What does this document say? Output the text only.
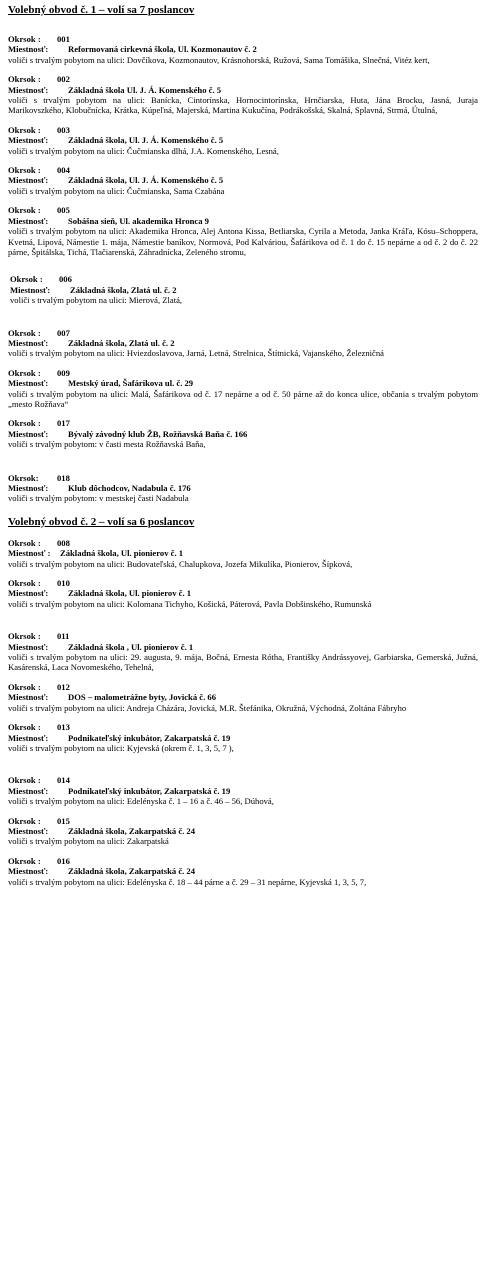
Volebný obvod č. 1 – volí sa 7 poslancov
Okrsok : 001
Miestnosť: Reformovaná cirkevná škola, Ul. Kozmonautov č. 2
voliči s trvalým pobytom na ulici: Dovčíkova, Kozmonautov, Krásnohorská, Ružová, Sama Tomášika, Slnečná, Vitéz kert,
Okrsok : 002
Miestnosť: Základná škola Ul. J. Á. Komenského č. 5
voliči s trvalým pobytom na ulici: Banícka, Cintorínska, Hornocintorínska, Hrnčiarska, Huta, Jána Brocku, Jasná, Juraja Marikovszkého, Klobučnícka, Krátka, Kúpeľná, Majerská, Martina Kukučína, Podrákošská, Skalná, Splavná, Strmá, Útulná,
Okrsok : 003
Miestnosť: Základná škola, Ul. J. Á. Komenského č. 5
voliči s trvalým pobytom na ulici: Čučmianska dlhá, J.A. Komenského, Lesná,
Okrsok : 004
Miestnosť: Základná škola, Ul. J. Á. Komenského č. 5
voliči s trvalým pobytom na ulici: Čučmianska, Sama Czabána
Okrsok : 005
Miestnosť: Sobášna sieň, Ul. akademika Hronca 9
voliči s trvalým pobytom na ulici: Akademika Hronca, Alej Antona Kissa, Betliarska, Cyrila a Metoda, Janka Kráľa, Kósu–Schoppera, Kvetná, Lipová, Námestie 1. mája, Námestie baníkov, Normová, Pod Kalváriou, Šafárikova od č. 1 do č. 15 nepárne a od č. 2 do č. 22 párne, Špitálska, Tichá, Tlačiarenská, Záhradnícka, Zeleného stromu,
Okrsok : 006
Miestnosť: Základná škola, Zlatá ul. č. 2
voliči s trvalým pobytom na ulici: Mierová, Zlatá,
Okrsok : 007
Miestnosť: Základná škola, Zlatá ul. č. 2
voliči s trvalým pobytom na ulici: Hviezdoslavova, Jarná, Letná, Strelnica, Štítnická, Vajanského, Železničná
Okrsok : 009
Miestnosť: Mestský úrad, Šafárikova ul. č. 29
voliči s trvalým pobytom na ulici: Malá, Šafárikova od č. 17 nepárne a od č. 50 párne až do konca ulice, občania s trvalým pobytom „mesto Rožňava“
Okrsok : 017
Miestnosť: Bývalý závodný klub ŽB, Rožňavská Baňa č. 166
voliči s trvalým pobytom: v časti mesta Rožňavská Baňa,
Okrsok: 018
Miestnosť: Klub dôchodcov, Nadabula č. 176
voliči s trvalým pobytom: v mestskej časti Nadabula
Volebný obvod č. 2 – volí sa 6 poslancov
Okrsok : 008
Miestnosť : Základná škola, Ul. pionierov č. 1
voliči s trvalým pobytom na ulici: Budovateľská, Chalupkova, Jozefa Mikulíka, Pionierov, Šípková,
Okrsok : 010
Miestnosť: Základná škola, Ul. pionierov č. 1
voliči s trvalým pobytom na ulici: Kolomana Tichyho, Košická, Páterová, Pavla Dobšinského, Rumunská
Okrsok : 011
Miestnosť: Základná škola , Ul. pionierov č. 1
voliči s trvalým pobytom na ulici: 29. augusta, 9. mája, Bočná, Ernesta Rótha, Františky Andrássyovej, Garbiarska, Gemerská, Južná, Kasárenská, Laca Novomeského, Tehelná,
Okrsok : 012
Miestnosť: DOS – malometrážne byty, Jovická č. 66
voliči s trvalým pobytom na ulici: Andreja Cházára, Jovická, M.R. Štefánika, Okružná, Východná, Zoltána Fábryho
Okrsok : 013
Miestnosť: Podnikateľský inkubátor, Zakarpatská č. 19
voliči s trvalým pobytom na ulici: Kyjevská (okrem č. 1, 3, 5, 7 ),
Okrsok : 014
Miestnosť: Podnikateľský inkubátor, Zakarpatská č. 19
voliči s trvalým pobytom na ulici: Edelényska č. 1 – 16 a č. 46 – 56, Dúhová,
Okrsok : 015
Miestnosť: Základná škola, Zakarpatská č. 24
voliči s trvalým pobytom na ulici: Zakarpatská
Okrsok : 016
Miestnosť: Základná škola, Zakarpatská č. 24
voliči s trvalým pobytom na ulici: Edelényska č. 18 – 44 párne a č. 29 – 31 nepárne, Kyjevská 1, 3, 5, 7,
